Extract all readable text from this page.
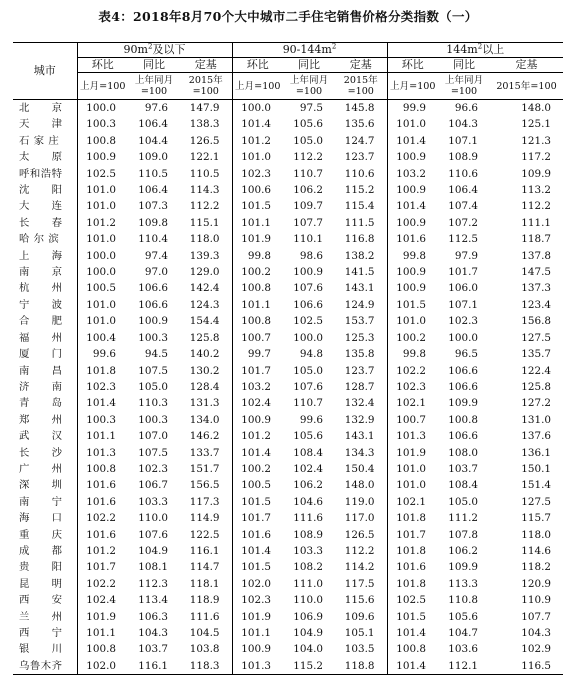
表4：2018年8月70个大中城市二手住宅销售价格分类指数（一）
城市	$90m^2$及以下			$90-144m^2$			$144m^2$以上		
	环比	同比	定基	环比	同比	定基	环比	同比	定基
	上月=100	上年同月=100	2015年=100	上月=100	上年同月=100	2015年=100	上月=100	上年同月=100	2015年=100
北　　京	100.0	97.6	147.9	100.0	97.5	145.8	99.9	96.6	148.0
天　　津	100.3	106.4	138.3	101.4	105.6	135.6	101.0	104.3	125.1
石 家 庄	100.8	104.4	126.5	101.2	105.0	124.7	101.4	107.1	121.3
太　　原	100.9	109.0	122.1	101.0	112.2	123.7	100.9	108.9	117.2
呼和浩特	102.5	110.5	110.5	102.3	110.7	110.6	103.2	110.6	109.9
沈　　阳	101.0	106.4	114.3	100.6	106.2	115.2	100.9	106.4	113.2
大　　连	101.0	107.3	112.2	101.5	109.7	115.4	101.4	107.4	112.2
长　　春	101.2	109.8	115.1	101.1	107.7	111.5	100.9	107.2	111.1
哈 尔 滨	101.0	110.4	118.0	101.9	110.1	116.8	101.6	112.5	118.7
上　　海	100.0	97.4	139.3	99.8	98.6	138.2	99.8	97.9	137.8
南　　京	100.0	97.0	129.0	100.2	100.9	141.5	100.9	101.7	147.5
杭　　州	100.5	106.6	142.4	100.8	107.6	143.1	100.9	106.0	137.3
宁　　波	101.0	106.6	124.3	101.1	106.6	124.9	101.5	107.1	123.4
合　　肥	101.0	100.9	154.4	100.8	102.5	153.7	101.0	102.3	156.8
福　　州	100.4	100.3	125.8	100.7	100.0	125.3	100.2	100.0	127.5
厦　　门	99.6	94.5	140.2	99.7	94.8	135.8	99.8	96.5	135.7
南　　昌	101.8	107.5	130.2	101.7	105.0	123.7	102.2	106.6	122.4
济　　南	102.3	105.0	128.4	103.2	107.6	128.7	102.3	106.6	125.8
青　　岛	101.4	110.3	131.3	102.4	110.7	132.4	102.1	109.9	127.2
郑　　州	100.3	100.3	134.0	100.9	99.6	132.9	100.7	100.8	131.0
武　　汉	101.1	107.0	146.2	101.2	105.6	143.1	101.3	106.6	137.6
长　　沙	101.3	107.5	133.7	101.4	108.4	134.3	101.9	108.0	136.1
广　　州	100.8	102.3	151.7	100.2	102.4	150.4	101.0	103.7	150.1
深　　圳	101.6	106.7	156.5	100.5	106.2	148.0	101.0	108.4	151.4
南　　宁	101.6	103.3	117.3	101.5	104.6	119.0	102.1	105.0	127.5
海　　口	102.2	110.0	114.9	101.7	111.6	117.0	101.8	111.2	115.7
重　　庆	101.6	107.6	122.5	101.6	108.9	126.5	101.7	107.8	118.0
成　　都	101.2	104.9	116.1	101.4	103.3	112.2	101.8	106.2	114.6
贵　　阳	101.7	108.1	114.7	101.5	108.2	114.2	101.6	109.9	118.2
昆　　明	102.2	112.3	118.1	102.0	111.0	117.5	101.8	113.3	120.9
西　　安	102.4	113.4	118.9	102.3	110.0	115.6	102.5	110.8	110.9
兰　　州	101.9	106.3	111.6	101.9	106.9	109.6	101.5	105.6	107.7
西　　宁	101.1	104.3	104.5	101.1	104.9	105.1	101.4	104.7	104.3
银　　川	100.8	103.7	103.8	100.9	104.0	103.5	100.8	103.6	102.9
乌鲁木齐	102.0	116.1	118.3	101.3	115.2	118.8	101.4	112.1	116.5
